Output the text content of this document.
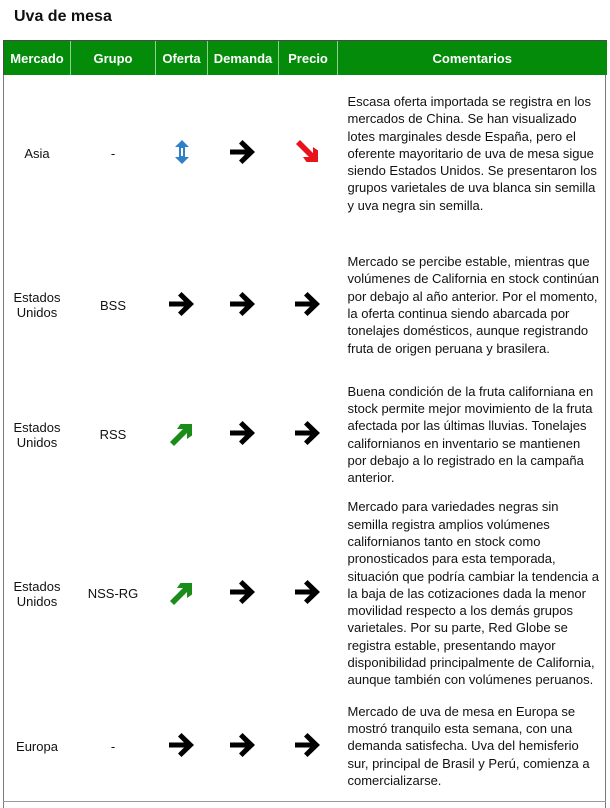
Uva de mesa
Mercado	Grupo	Oferta	Demanda	Precio	Comentarios
Asia	-				Escasa oferta importada se registra en los mercados de China. Se han visualizado lotes marginales desde España, pero el oferente mayoritario de uva de mesa sigue siendo Estados Unidos. Se presentaron los grupos varietales de uva blanca sin semilla y uva negra sin semilla.
Estados Unidos	BSS				Mercado se percibe estable, mientras que volúmenes de California en stock continúan por debajo al año anterior. Por el momento, la oferta continua siendo abarcada por tonelajes domésticos, aunque registrando fruta de origen peruana y brasilera.
Estados Unidos	RSS				Buena condición de la fruta californiana en stock permite mejor movimiento de la fruta afectada por las últimas lluvias. Tonelajes californianos en inventario se mantienen por debajo a lo registrado en la campaña anterior.
Estados Unidos	NSS-RG				Mercado para variedades negras sin semilla registra amplios volúmenes californianos tanto en stock como pronosticados para esta temporada, situación que podría cambiar la tendencia a la baja de las cotizaciones dada la menor movilidad respecto a los demás grupos varietales. Por su parte, Red Globe se registra estable, presentando mayor disponibilidad principalmente de California, aunque también con volúmenes peruanos.
Europa	-				Mercado de uva de mesa en Europa se mostró tranquilo esta semana, con una demanda satisfecha. Uva del hemisferio sur, principal de Brasil y Perú, comienza a comercializarse.
